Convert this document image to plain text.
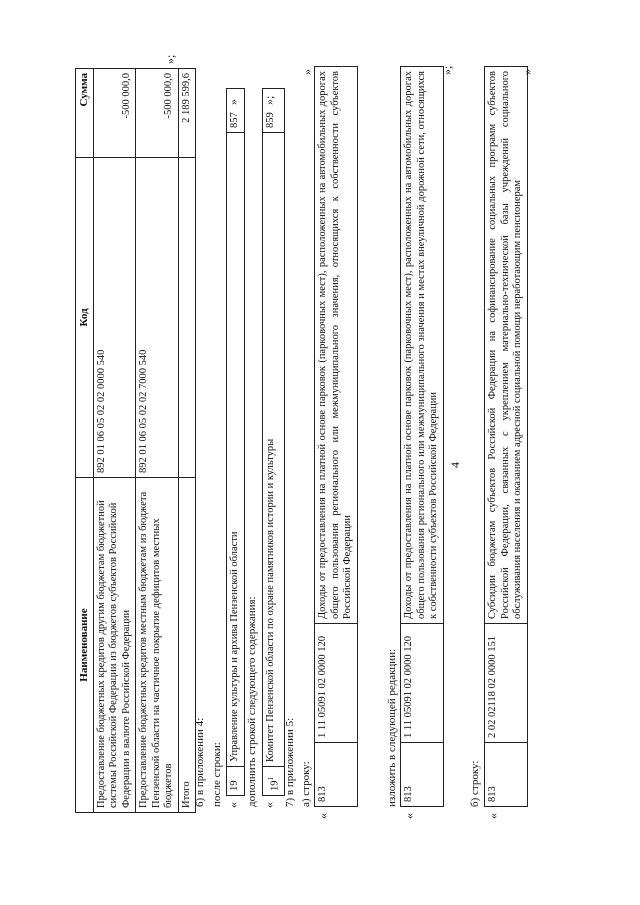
4
Наименование	Код	Сумма
Предоставление бюджетных кредитов другим бюджетам бюджетной системы Российской Федерации из бюджетов субъектов Российской Федерации в валюте Российской Федерации	892 01 06 05 02 02 0000 540	-500 000,0
Предоставление бюджетных кредитов местным бюджетам из бюджета Пензенской области на частичное покрытие дефицитов местных бюджетов	892 01 06 05 02 02 7000 540	-500 000,0
Итого		2 189 599,6
»;
6) в приложении 4: после строки: «
19	Управление культуры и архива Пензенской области	857
»
дополнить строкой следующего содержания: «
$19^1$	Комитет Пензенской области по охране памятников истории и культуры	859
»;
7) в приложении 5: а) строку:
«
813	1 11 05091 02 0000 120	Доходы от предоставления на платной основе парковок (парковочных мест), расположенных на автомобильных дорогах общего пользования регионального или межмуниципального значения, относящихся к собственности субъектов Российской Федерации
»
изложить в следующей редакции:
«
813	1 11 05091 02 0000 120	Доходы от предоставления на платной основе парковок (парковочных мест), расположенных на автомобильных дорогах общего пользования регионального или межмуниципального значения и местах внеуличной дорожной сети, относящихся к собственности субъектов Российской Федерации
»;
б) строку:
«
813	2 02 02118 02 0000 151	Субсидии бюджетам субъектов Российской Федерации на софинансирование социальных программ субъектов Российской Федерации, связанных с укреплением материально-технической базы учреждений социального обслуживания населения и оказанием адресной социальной помощи неработающим пенсионерам
»
